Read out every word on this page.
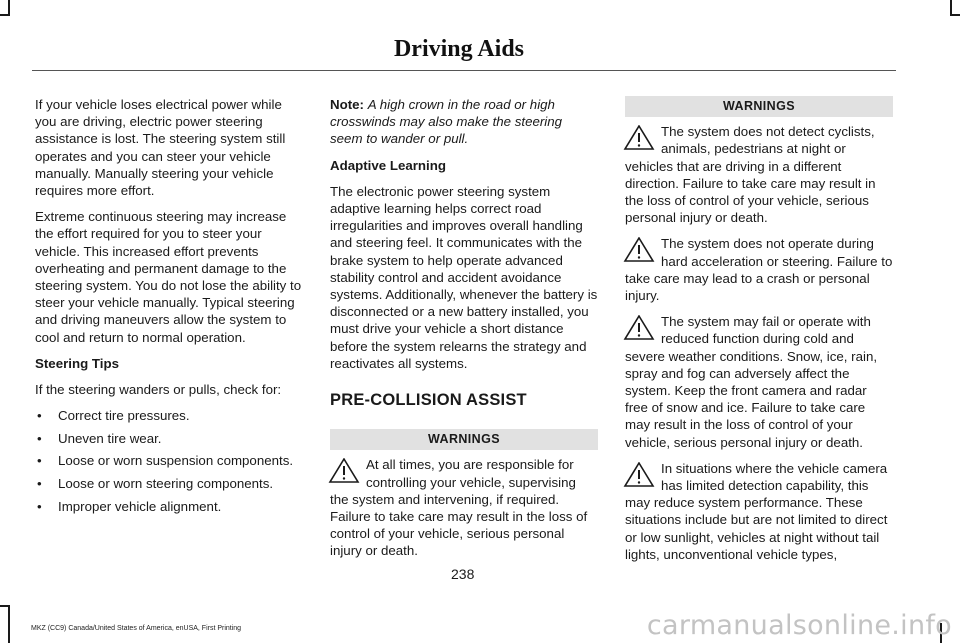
Driving Aids

If your vehicle loses electrical power while you are driving, electric power steering assistance is lost. The steering system still operates and you can steer your vehicle manually. Manually steering your vehicle requires more effort.

Extreme continuous steering may increase the effort required for you to steer your vehicle. This increased effort prevents overheating and permanent damage to the steering system. You do not lose the ability to steer your vehicle manually. Typical steering and driving maneuvers allow the system to cool and return to normal operation.

Steering Tips

If the steering wanders or pulls, check for:

• Correct tire pressures.
• Uneven tire wear.
• Loose or worn suspension components.
• Loose or worn steering components.
• Improper vehicle alignment.

Note: A high crown in the road or high crosswinds may also make the steering seem to wander or pull.

Adaptive Learning

The electronic power steering system adaptive learning helps correct road irregularities and improves overall handling and steering feel. It communicates with the brake system to help operate advanced stability control and accident avoidance systems. Additionally, whenever the battery is disconnected or a new battery installed, you must drive your vehicle a short distance before the system relearns the strategy and reactivates all systems.

PRE-COLLISION ASSIST
WARNINGS
At all times, you are responsible for controlling your vehicle, supervising the system and intervening, if required. Failure to take care may result in the loss of control of your vehicle, serious personal injury or death.
WARNINGS
The system does not detect cyclists, animals, pedestrians at night or vehicles that are driving in a different direction. Failure to take care may result in the loss of control of your vehicle, serious personal injury or death.
The system does not operate during hard acceleration or steering. Failure to take care may lead to a crash or personal injury.
The system may fail or operate with reduced function during cold and severe weather conditions. Snow, ice, rain, spray and fog can adversely affect the system. Keep the front camera and radar free of snow and ice. Failure to take care may result in the loss of control of your vehicle, serious personal injury or death.
In situations where the vehicle camera has limited detection capability, this may reduce system performance. These situations include but are not limited to direct or low sunlight, vehicles at night without tail lights, unconventional vehicle types,
238
MKZ (CC9) Canada/United States of America, enUSA, First Printing	carmanualsonline.info
